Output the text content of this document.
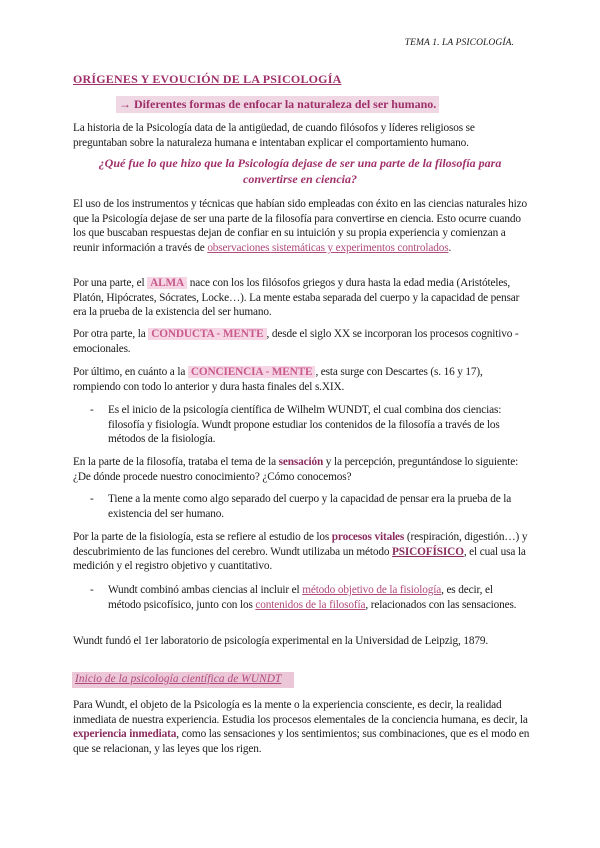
TEMA 1. LA PSICOLOGÍA.
ORÍGENES Y EVOUCIÓN DE LA PSICOLOGÍA
→ Diferentes formas de enfocar la naturaleza del ser humano.

La historia de la Psicología data de la antigüedad, de cuando filósofos y líderes religiosos se preguntaban sobre la naturaleza humana e intentaban explicar el comportamiento humano.

¿Qué fue lo que hizo que la Psicología dejase de ser una parte de la filosofía para convertirse en ciencia?

El uso de los instrumentos y técnicas que habían sido empleadas con éxito en las ciencias naturales hizo que la Psicología dejase de ser una parte de la filosofía para convertirse en ciencia. Esto ocurre cuando los que buscaban respuestas dejan de confiar en su intuición y su propia experiencia y comienzan a reunir información a través de observaciones sistemáticas y experimentos controlados.

Por una parte, el ALMA nace con los los filósofos griegos y dura hasta la edad media (Aristóteles, Platón, Hipócrates, Sócrates, Locke…). La mente estaba separada del cuerpo y la capacidad de pensar era la prueba de la existencia del ser humano.

Por otra parte, la CONDUCTA - MENTE , desde el siglo XX se incorporan los procesos cognitivo - emocionales.

Por último, en cuánto a la CONCIENCIA - MENTE , esta surge con Descartes (s. 16 y 17), rompiendo con todo lo anterior y dura hasta finales del s.XIX.

- Es el inicio de la psicología científica de Wilhelm WUNDT, el cual combina dos ciencias: filosofía y fisiología. Wundt propone estudiar los contenidos de la filosofía a través de los métodos de la fisiología.

En la parte de la filosofía, trataba el tema de la sensación y la percepción, preguntándose lo siguiente: ¿De dónde procede nuestro conocimiento? ¿Cómo conocemos?

- Tiene a la mente como algo separado del cuerpo y la capacidad de pensar era la prueba de la existencia del ser humano.

Por la parte de la fisiología, esta se refiere al estudio de los procesos vitales (respiración, digestión…) y descubrimiento de las funciones del cerebro. Wundt utilizaba un método PSICOFÍSICO, el cual usa la medición y el registro objetivo y cuantitativo.

- Wundt combinó ambas ciencias al incluir el método objetivo de la fisiología, es decir, el método psicofísico, junto con los contenidos de la filosofía, relacionados con las sensaciones.

Wundt fundó el 1er laboratorio de psicología experimental en la Universidad de Leipzig, 1879.

Inicio de la psicología científica de WUNDT

Para Wundt, el objeto de la Psicología es la mente o la experiencia consciente, es decir, la realidad inmediata de nuestra experiencia. Estudia los procesos elementales de la conciencia humana, es decir, la experiencia inmediata, como las sensaciones y los sentimientos; sus combinaciones, que es el modo en que se relacionan, y las leyes que los rigen.
